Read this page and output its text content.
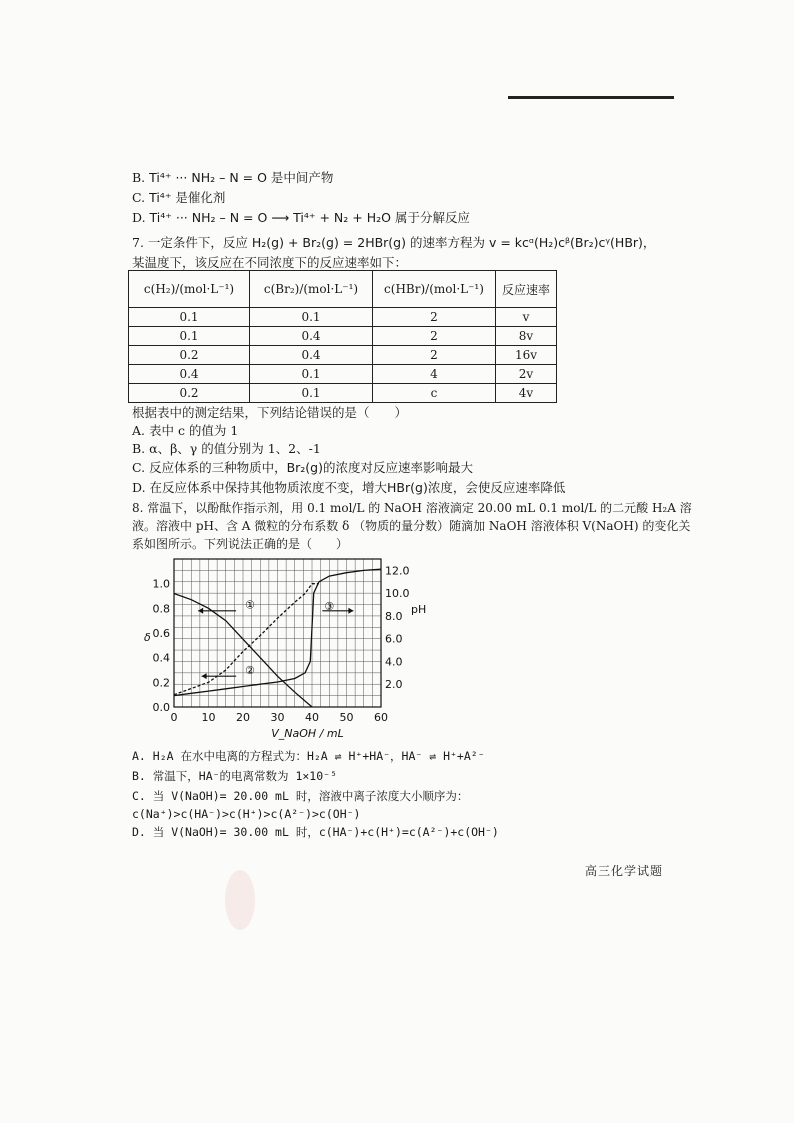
B. Ti⁴⁺ ··· NH₂ – N = O 是中间产物
C. Ti⁴⁺ 是催化剂
D. Ti⁴⁺ ··· NH₂ – N = O ⟶ Ti⁴⁺ + N₂ + H₂O 属于分解反应
7. 一定条件下，反应 H₂(g) + Br₂(g) = 2HBr(g) 的速率方程为 v = kcᵅ(H₂)cᵝ(Br₂)cᵞ(HBr)，
某温度下，该反应在不同浓度下的反应速率如下：
c(H₂)/(mol·L⁻¹)	c(Br₂)/(mol·L⁻¹)	c(HBr)/(mol·L⁻¹)	反应速率
0.1	0.1	2	v
0.1	0.4	2	8v
0.2	0.4	2	16v
0.4	0.1	4	2v
0.2	0.1	c	4v
根据表中的测定结果，下列结论错误的是（　　）
A. 表中 c 的值为 1
B. α、β、γ 的值分别为 1、2、-1
C. 反应体系的三种物质中，Br₂(g)的浓度对反应速率影响最大
D. 在反应体系中保持其他物质浓度不变，增大HBr(g)浓度，会使反应速率降低
8. 常温下，以酚酞作指示剂，用 0.1 mol/L 的 NaOH 溶液滴定 20.00 mL 0.1 mol/L 的二元酸 H₂A 溶
液。溶液中 pH、含 A 微粒的分布系数 δ （物质的量分数）随滴加 NaOH 溶液体积 V(NaOH) 的变化关
系如图所示。下列说法正确的是（　　）
0 10 20 30 40 50 60
0.0
0.2
0.4
0.6
0.8
1.0
2.0
4.0
6.0
8.0
10.0
12.0
V_NaOH / mL
δ
pH
①
②
③
A. H₂A 在水中电离的方程式为：H₂A ⇌ H⁺+HA⁻，HA⁻ ⇌ H⁺+A²⁻
B. 常温下，HA⁻的电离常数为 1×10⁻⁵
C. 当 V(NaOH)= 20.00 mL 时，溶液中离子浓度大小顺序为：
c(Na⁺)>c(HA⁻)>c(H⁺)>c(A²⁻)>c(OH⁻)
D. 当 V(NaOH)= 30.00 mL 时，c(HA⁻)+c(H⁺)=c(A²⁻)+c(OH⁻)
高三化学试题
